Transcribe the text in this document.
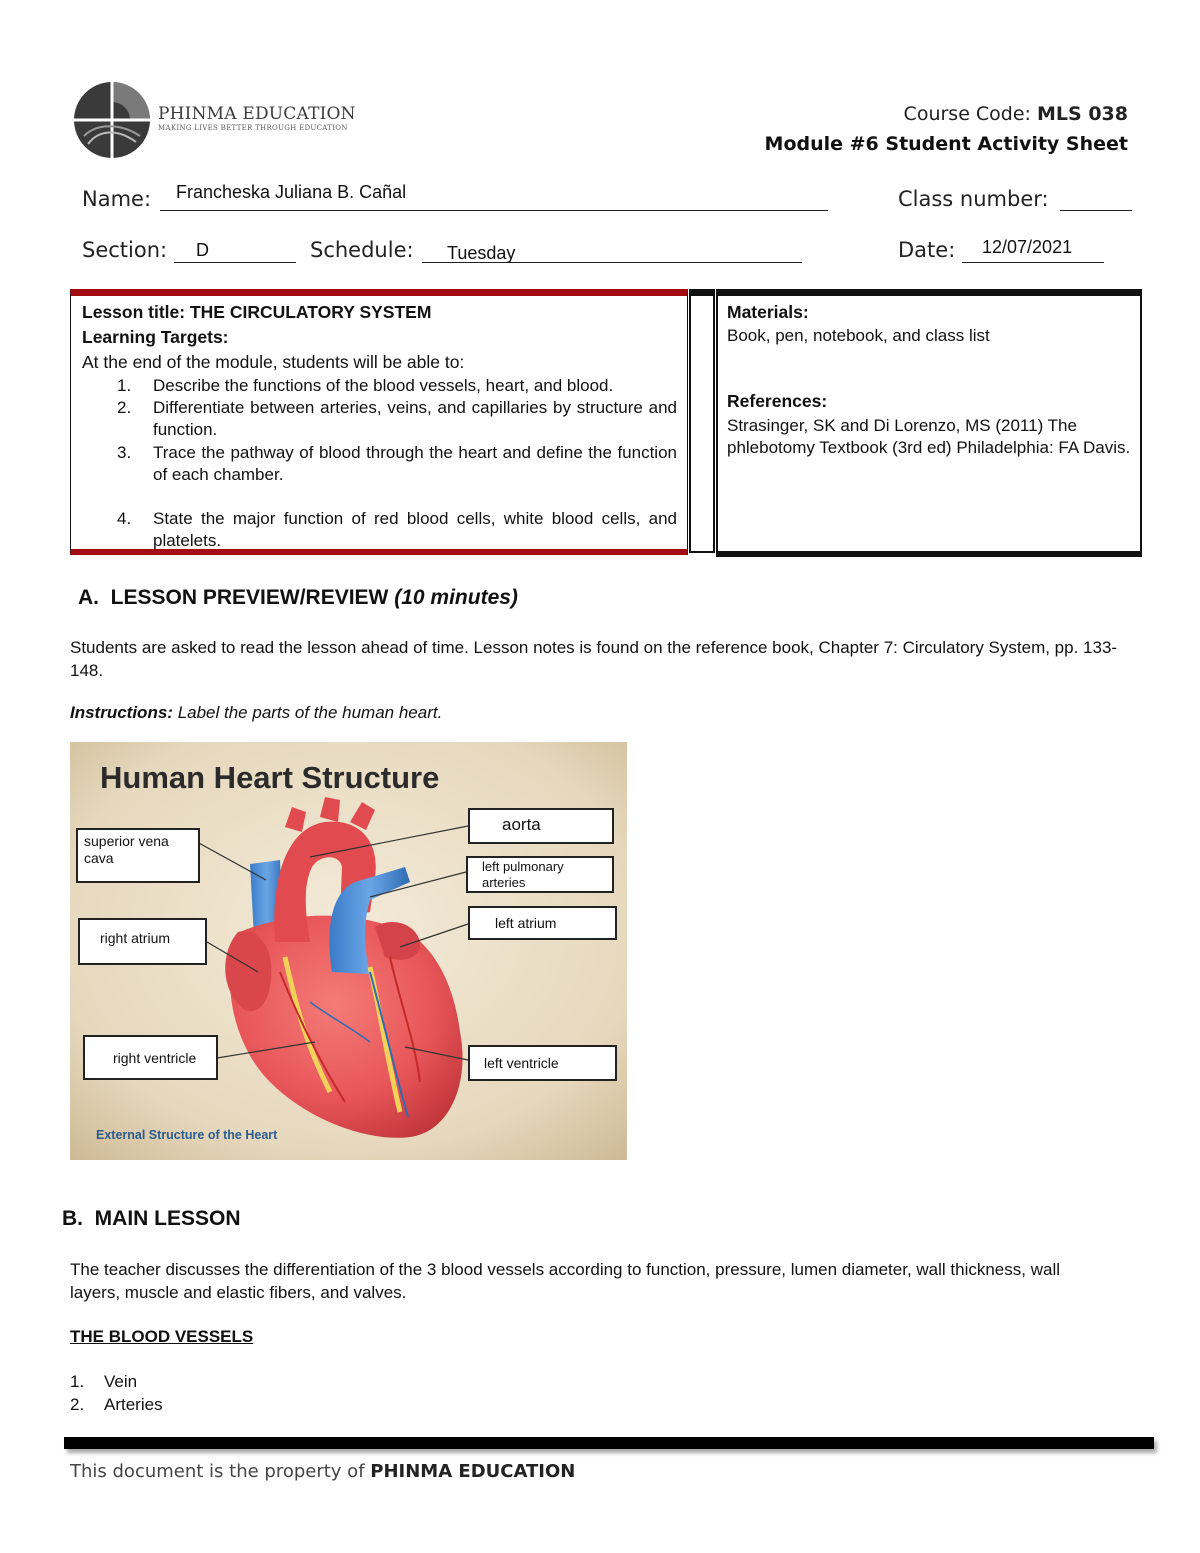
PHINMA EDUCATION
MAKING LIVES BETTER THROUGH EDUCATION
Course Code: MLS 038
Module #6 Student Activity Sheet
Name: Francheska Juliana B. Cañal	Class number:
Section: D	Schedule: Tuesday	Date: 12/07/2021
Lesson title: THE CIRCULATORY SYSTEM
Learning Targets:
At the end of the module, students will be able to:
1. Describe the functions of the blood vessels, heart, and blood.
2. Differentiate between arteries, veins, and capillaries by structure and function.
3. Trace the pathway of blood through the heart and define the function of each chamber.
4. State the major function of red blood cells, white blood cells, and platelets.
Materials:
Book, pen, notebook, and class list
References:
Strasinger, SK and Di Lorenzo, MS (2011) The phlebotomy Textbook (3rd ed) Philadelphia: FA Davis.
A. LESSON PREVIEW/REVIEW (10 minutes)
Students are asked to read the lesson ahead of time. Lesson notes is found on the reference book, Chapter 7: Circulatory System, pp. 133-148.
Instructions: Label the parts of the human heart.
Human Heart Structure
External Structure of the Heart
aorta
superior vena cava
left pulmonary arteries
right atrium
left atrium
right ventricle	left ventricle
B. MAIN LESSON
The teacher discusses the differentiation of the 3 blood vessels according to function, pressure, lumen diameter, wall thickness, wall layers, muscle and elastic fibers, and valves.
THE BLOOD VESSELS
1. Vein
2. Arteries
This document is the property of PHINMA EDUCATION
